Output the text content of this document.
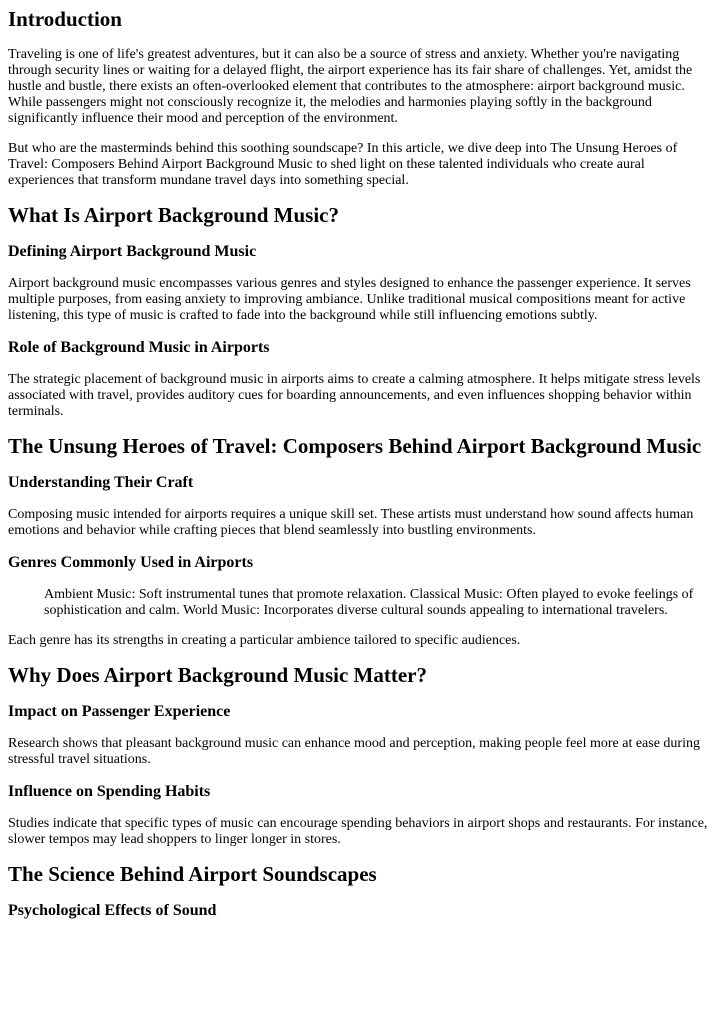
Introduction

Traveling is one of life's greatest adventures, but it can also be a source of stress and anxiety. Whether you're navigating through security lines or waiting for a delayed flight, the airport experience has its fair share of challenges. Yet, amidst the hustle and bustle, there exists an often-overlooked element that contributes to the atmosphere: airport background music. While passengers might not consciously recognize it, the melodies and harmonies playing softly in the background significantly influence their mood and perception of the environment.

But who are the masterminds behind this soothing soundscape? In this article, we dive deep into The Unsung Heroes of Travel: Composers Behind Airport Background Music to shed light on these talented individuals who create aural experiences that transform mundane travel days into something special.

What Is Airport Background Music?
Defining Airport Background Music

Airport background music encompasses various genres and styles designed to enhance the passenger experience. It serves multiple purposes, from easing anxiety to improving ambiance. Unlike traditional musical compositions meant for active listening, this type of music is crafted to fade into the background while still influencing emotions subtly.

Role of Background Music in Airports

The strategic placement of background music in airports aims to create a calming atmosphere. It helps mitigate stress levels associated with travel, provides auditory cues for boarding announcements, and even influences shopping behavior within terminals.

The Unsung Heroes of Travel: Composers Behind Airport Background Music
Understanding Their Craft

Composing music intended for airports requires a unique skill set. These artists must understand how sound affects human emotions and behavior while crafting pieces that blend seamlessly into bustling environments.

Genres Commonly Used in Airports
Ambient Music: Soft instrumental tunes that promote relaxation. Classical Music: Often played to evoke feelings of sophistication and calm. World Music: Incorporates diverse cultural sounds appealing to international travelers.

Each genre has its strengths in creating a particular ambience tailored to specific audiences.

Why Does Airport Background Music Matter?
Impact on Passenger Experience

Research shows that pleasant background music can enhance mood and perception, making people feel more at ease during stressful travel situations.

Influence on Spending Habits

Studies indicate that specific types of music can encourage spending behaviors in airport shops and restaurants. For instance, slower tempos may lead shoppers to linger longer in stores.

The Science Behind Airport Soundscapes
Psychological Effects of Sound
